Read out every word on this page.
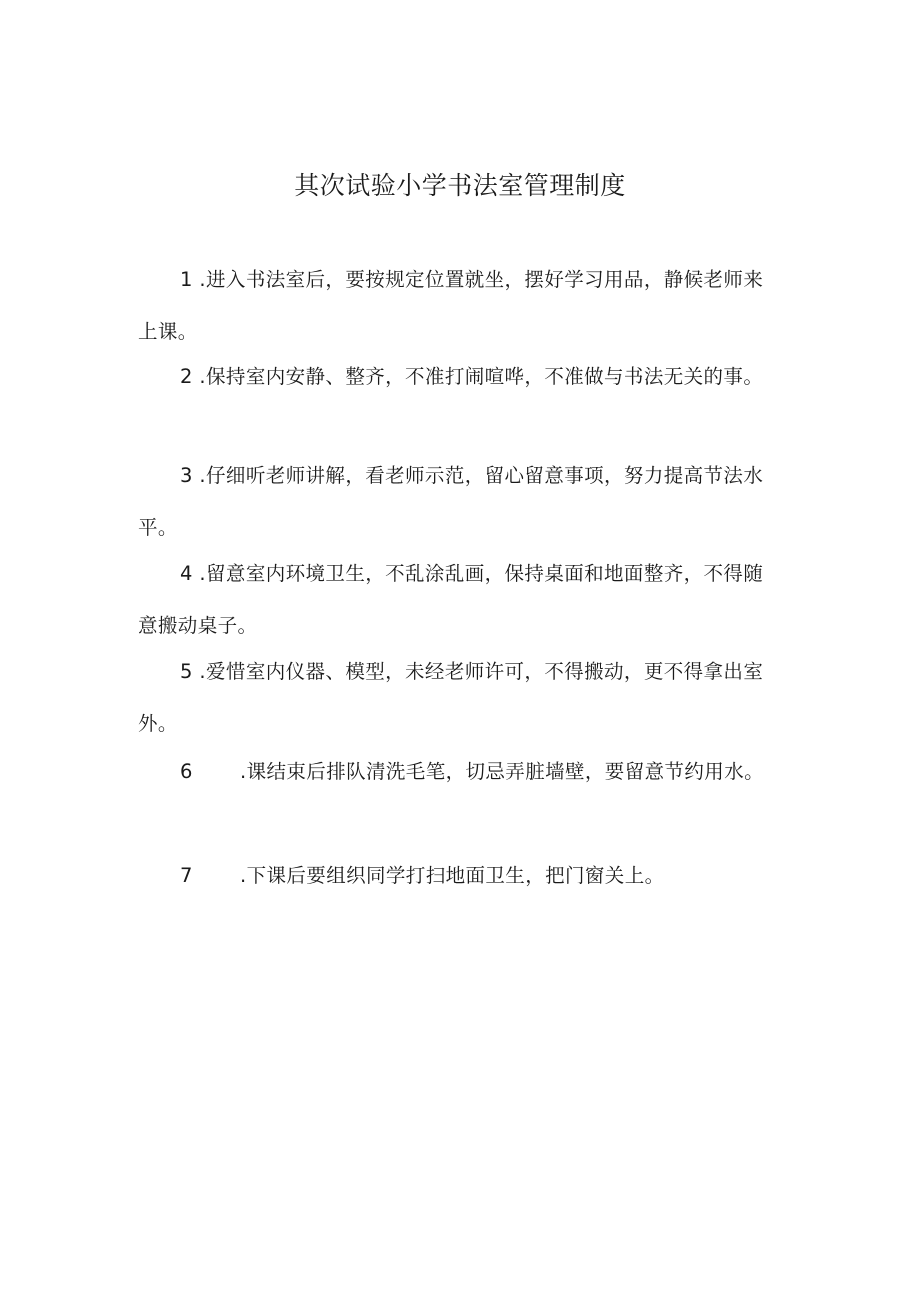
其次试验小学书法室管理制度
1 .进入书法室后，要按规定位置就坐，摆好学习用品，静候老师来上课。
2 .保持室内安静、整齐，不准打闹喧哗，不准做与书法无关的事。
3 .仔细听老师讲解，看老师示范，留心留意事项，努力提高节法水平。
4 .留意室内环境卫生，不乱涂乱画，保持桌面和地面整齐，不得随意搬动桌子。
5 .爱惜室内仪器、模型，未经老师许可，不得搬动，更不得拿出室外。
6 .课结束后排队清洗毛笔，切忌弄脏墙壁，要留意节约用水。
7 .下课后要组织同学打扫地面卫生，把门窗关上。
